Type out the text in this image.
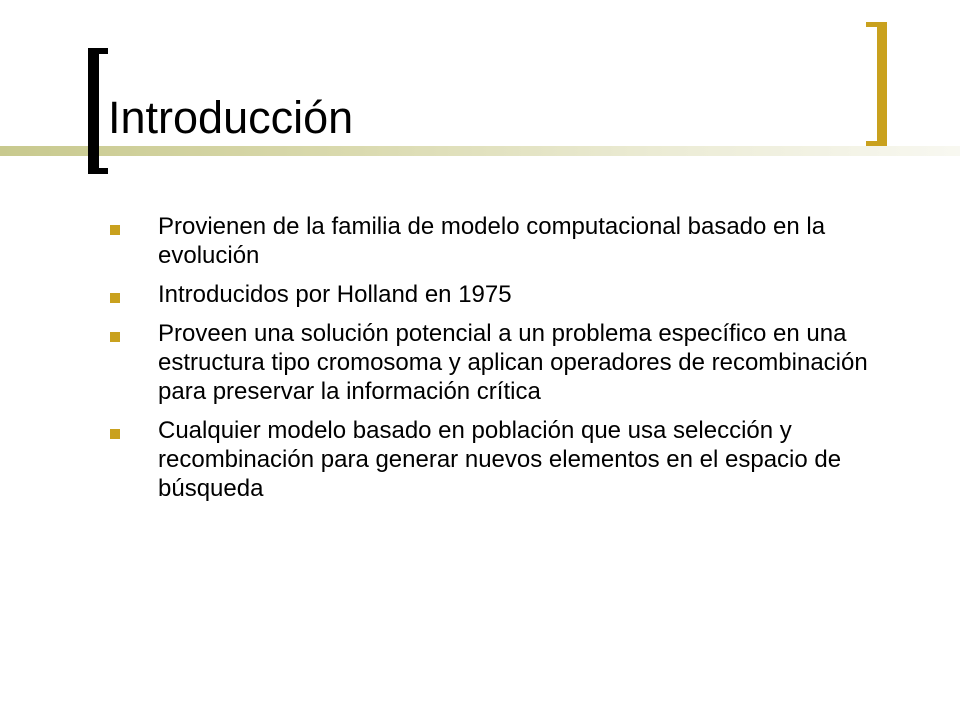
Introducción
Provienen de la familia de modelo computacional basado en la evolución
Introducidos por Holland en 1975
Proveen una solución potencial a un problema específico en una estructura tipo cromosoma y aplican operadores de recombinación para preservar la información crítica
Cualquier modelo basado en población que usa selección y recombinación para generar nuevos elementos en el espacio de búsqueda
